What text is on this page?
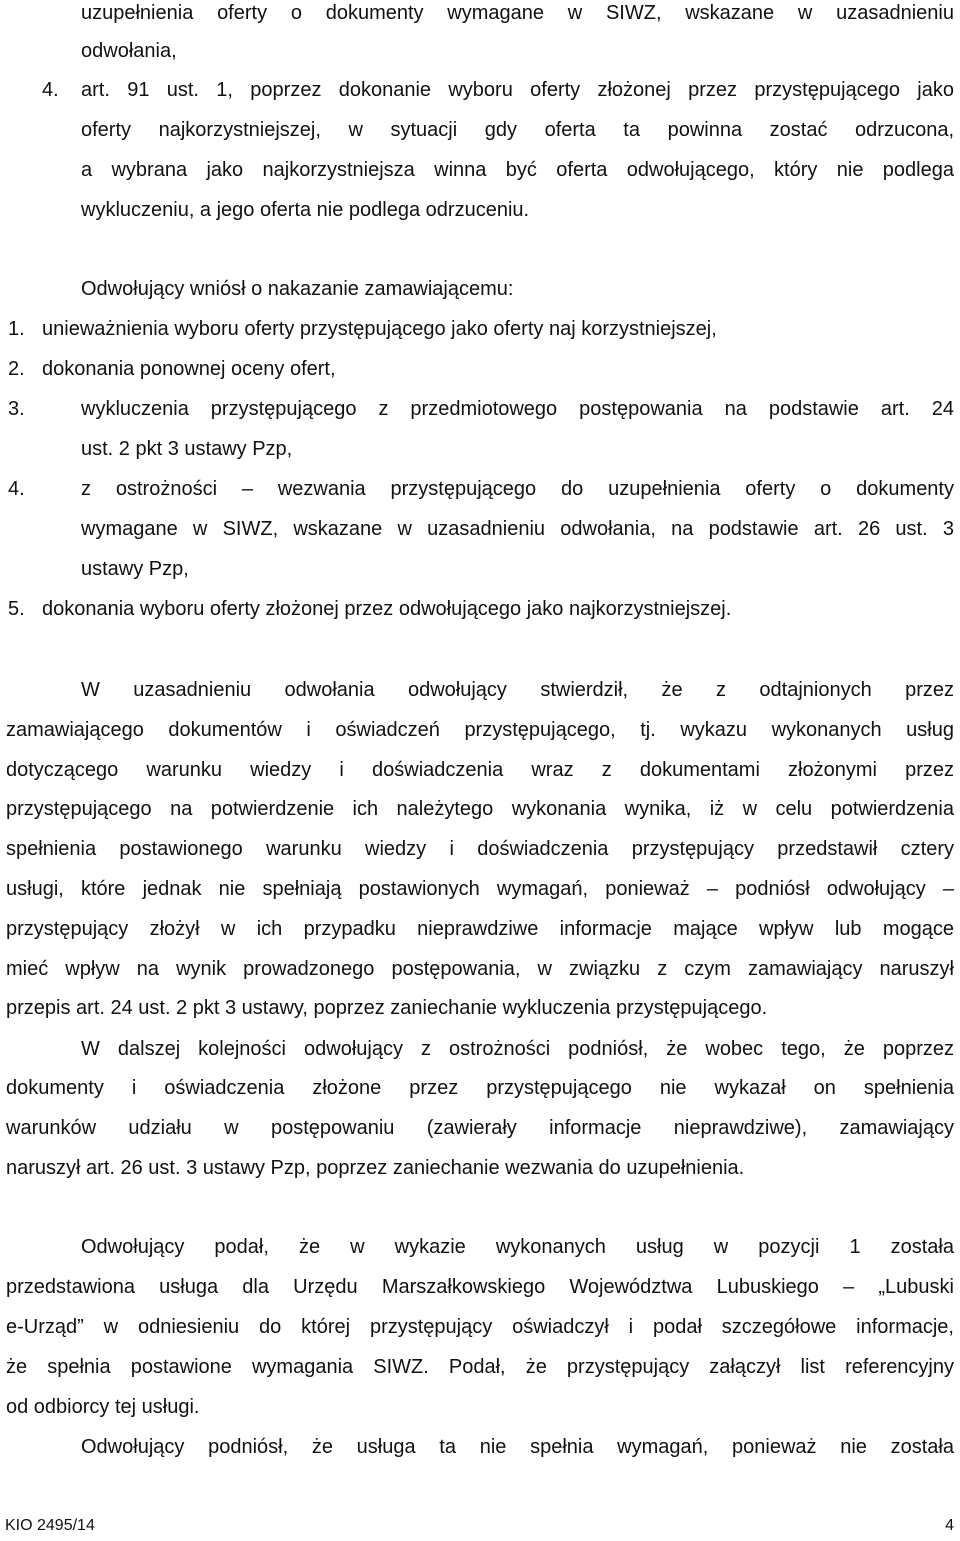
uzupełnienia oferty o dokumenty wymagane w SIWZ, wskazane w uzasadnieniu

odwołania,

4.	art. 91 ust. 1, poprzez dokonanie wyboru oferty złożonej przez przystępującego jako

oferty najkorzystniejszej, w sytuacji gdy oferta ta powinna zostać odrzucona,

a wybrana jako najkorzystniejsza winna być oferta odwołującego, który nie podlega

wykluczeniu, a jego oferta nie podlega odrzuceniu.

Odwołujący wniósł o nakazanie zamawiającemu:

1. unieważnienia wyboru oferty przystępującego jako oferty naj korzystniejszej,

2. dokonania ponownej oceny ofert,

3.	wykluczenia przystępującego z przedmiotowego postępowania na podstawie art. 24

ust. 2 pkt 3 ustawy Pzp,

4.	z ostrożności – wezwania przystępującego do uzupełnienia oferty o dokumenty

wymagane w SIWZ, wskazane w uzasadnieniu odwołania, na podstawie art. 26 ust. 3

ustawy Pzp,

5. dokonania wyboru oferty złożonej przez odwołującego jako najkorzystniejszej.

W uzasadnieniu odwołania odwołujący stwierdził, że z odtajnionych przez

zamawiającego dokumentów i oświadczeń przystępującego, tj. wykazu wykonanych usług

dotyczącego warunku wiedzy i doświadczenia wraz z dokumentami złożonymi przez

przystępującego na potwierdzenie ich należytego wykonania wynika, iż w celu potwierdzenia

spełnienia postawionego warunku wiedzy i doświadczenia przystępujący przedstawił cztery

usługi, które jednak nie spełniają postawionych wymagań, ponieważ – podniósł odwołujący –

przystępujący złożył w ich przypadku nieprawdziwe informacje mające wpływ lub mogące

mieć wpływ na wynik prowadzonego postępowania, w związku z czym zamawiający naruszył

przepis art. 24 ust. 2 pkt 3 ustawy, poprzez zaniechanie wykluczenia przystępującego.

W dalszej kolejności odwołujący z ostrożności podniósł, że wobec tego, że poprzez

dokumenty i oświadczenia złożone przez przystępującego nie wykazał on spełnienia

warunków udziału w postępowaniu (zawierały informacje nieprawdziwe), zamawiający

naruszył art. 26 ust. 3 ustawy Pzp, poprzez zaniechanie wezwania do uzupełnienia.

Odwołujący podał, że w wykazie wykonanych usług w pozycji 1 została

przedstawiona usługa dla Urzędu Marszałkowskiego Województwa Lubuskiego – „Lubuski

e-Urząd” w odniesieniu do której przystępujący oświadczył i podał szczegółowe informacje,

że spełnia postawione wymagania SIWZ. Podał, że przystępujący załączył list referencyjny

od odbiorcy tej usługi.

Odwołujący podniósł, że usługa ta nie spełnia wymagań, ponieważ nie została

KIO 2495/14	4
